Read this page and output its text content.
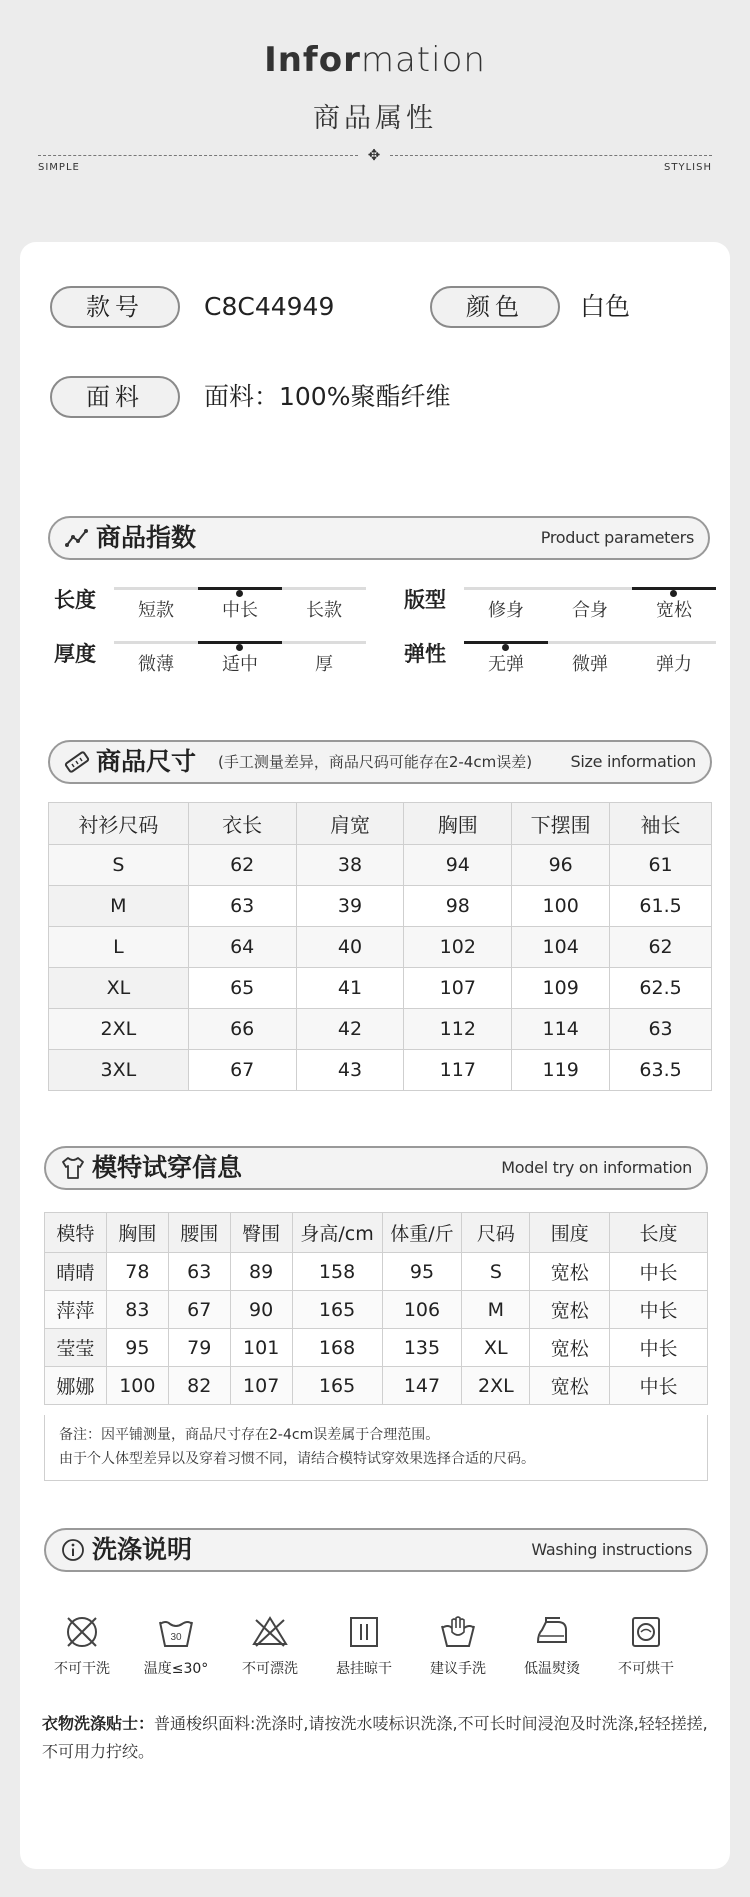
Information
商品属性
✥
SIMPLE	STYLISH
款号	C8C44949	颜色	白色
面料	面料：100%聚酯纤维
商品指数	Product parameters
长度	短款	中长	长款	版型	修身	合身	宽松
厚度	微薄	适中	厚	弹性	无弹	微弹	弹力
商品尺寸 (手工测量差异，商品尺码可能存在2-4cm误差) Size information
衬衫尺码	衣长	肩宽	胸围	下摆围	袖长
S	62	38	94	96	61
M	63	39	98	100	61.5
L	64	40	102	104	62
XL	65	41	107	109	62.5
2XL	66	42	112	114	63
3XL	67	43	117	119	63.5
模特试穿信息	Model try on information
模特	胸围	腰围	臀围	身高/cm	体重/斤	尺码	围度	长度
晴晴	78	63	89	158	95	S	宽松	中长
萍萍	83	67	90	165	106	M	宽松	中长
莹莹	95	79	101	168	135	XL	宽松	中长
娜娜	100	82	107	165	147	2XL	宽松	中长
备注：因平铺测量，商品尺寸存在2-4cm误差属于合理范围。
由于个人体型差异以及穿着习惯不同，请结合模特试穿效果选择合适的尺码。
洗涤说明	Washing instructions
不可干洗
30
温度≤30°	不可漂洗	悬挂晾干	建议手洗	低温熨烫	不可烘干
衣物洗涤贴士：普通梭织面料:洗涤时,请按洗水唛标识洗涤,不可长时间浸泡及时洗涤,轻轻搓搓,不可用力拧绞。
